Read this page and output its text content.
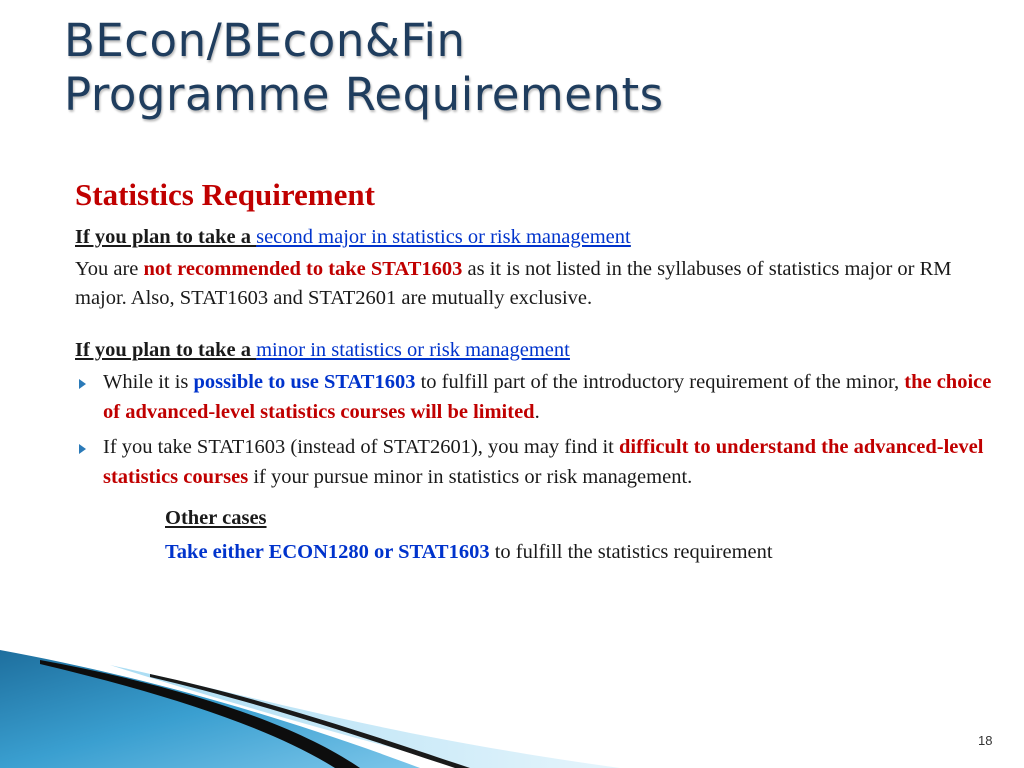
BEcon/BEcon&Fin
Programme Requirements
Statistics Requirement

If you plan to take a second major in statistics or risk management

You are not recommended to take STAT1603 as it is not listed in the syllabuses of statistics major or RM major. Also, STAT1603 and STAT2601 are mutually exclusive.

If you plan to take a minor in statistics or risk management

While it is possible to use STAT1603 to fulfill part of the introductory requirement of the minor, the choice of advanced-level statistics courses will be limited.
If you take STAT1603 (instead of STAT2601), you may find it difficult to understand the advanced-level statistics courses if your pursue minor in statistics or risk management.

Other cases

Take either ECON1280 or STAT1603 to fulfill the statistics requirement

18
